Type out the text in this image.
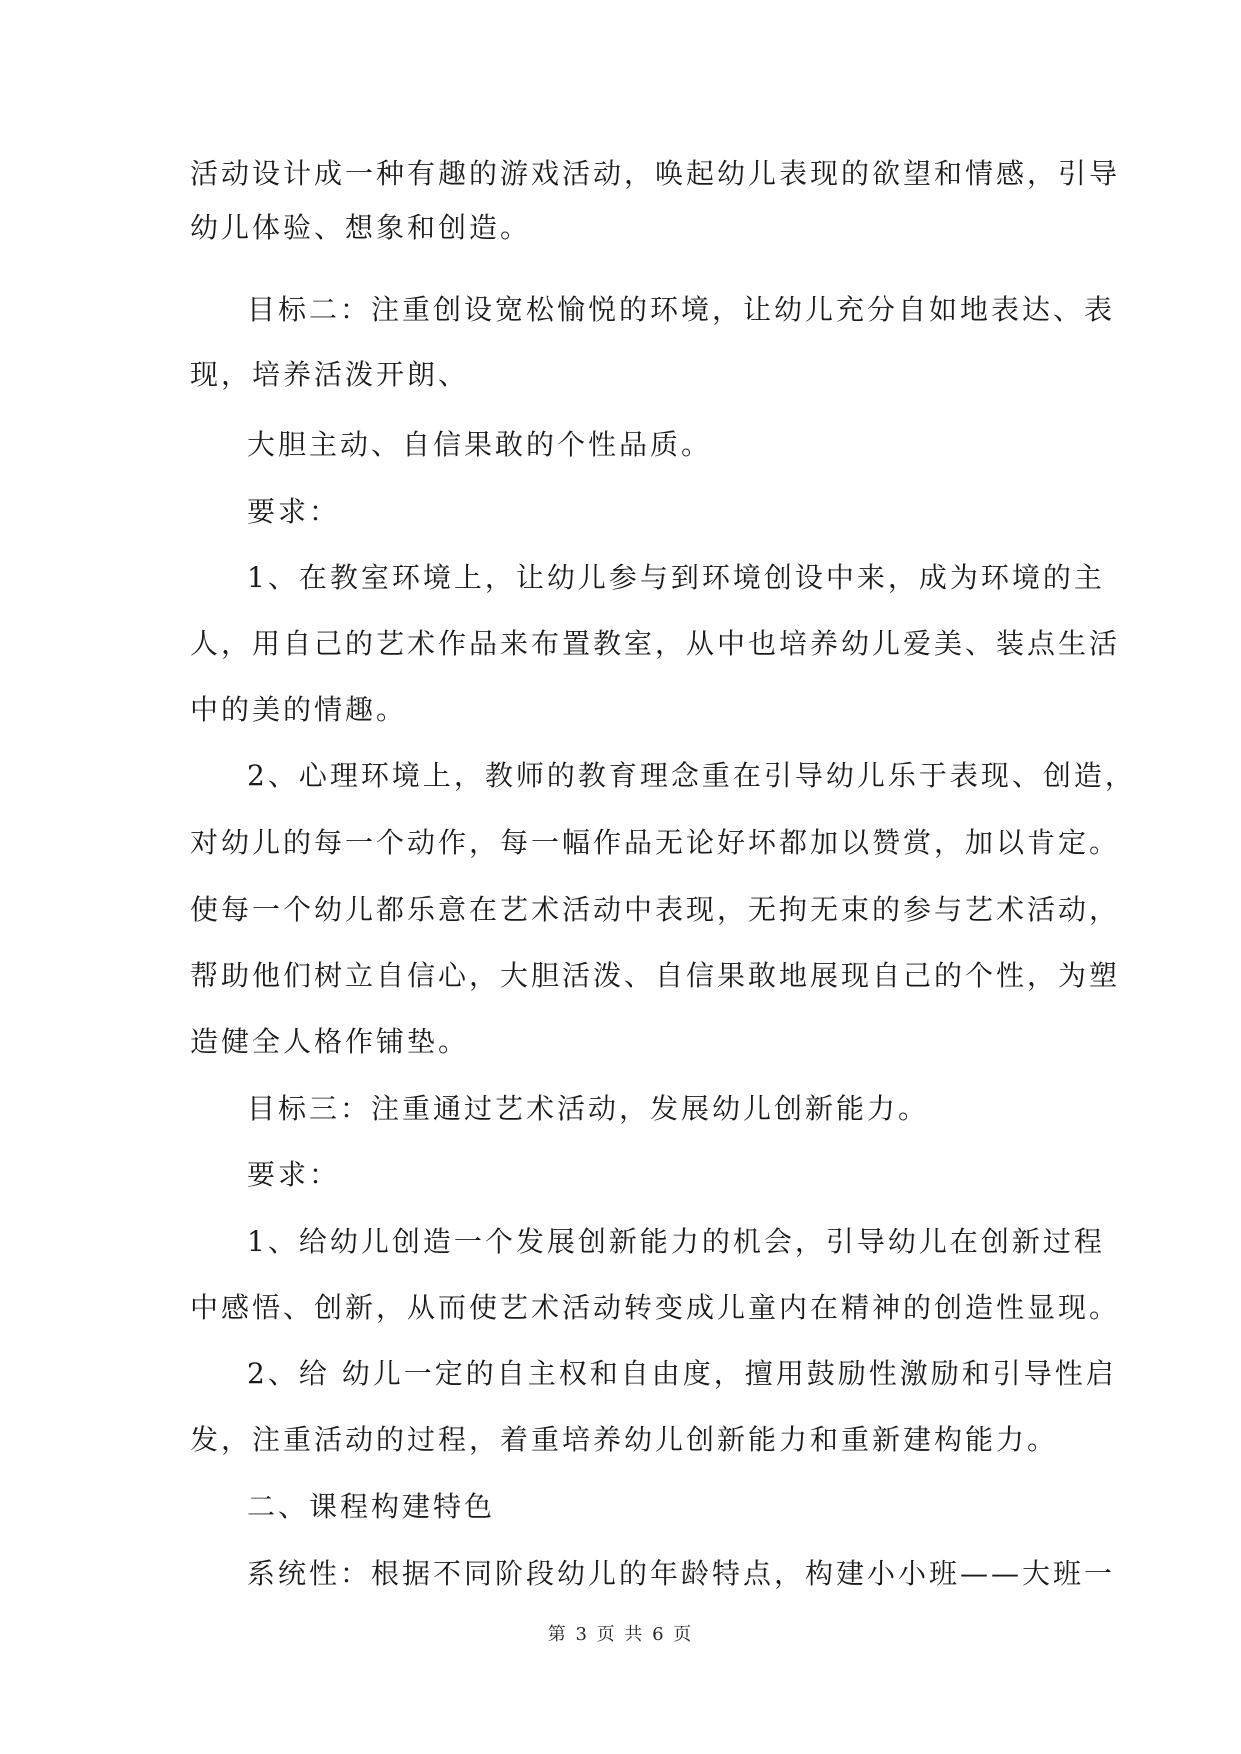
活动设计成一种有趣的游戏活动，唤起幼儿表现的欲望和情感，引导
幼儿体验、想象和创造。
目标二：注重创设宽松愉悦的环境，让幼儿充分自如地表达、表
现，培养活泼开朗、
大胆主动、自信果敢的个性品质。
要求：
1、在教室环境上，让幼儿参与到环境创设中来，成为环境的主
人，用自己的艺术作品来布置教室，从中也培养幼儿爱美、装点生活
中的美的情趣。
2、心理环境上，教师的教育理念重在引导幼儿乐于表现、创造，
对幼儿的每一个动作，每一幅作品无论好坏都加以赞赏，加以肯定。
使每一个幼儿都乐意在艺术活动中表现，无拘无束的参与艺术活动，
帮助他们树立自信心，大胆活泼、自信果敢地展现自己的个性，为塑
造健全人格作铺垫。
目标三：注重通过艺术活动，发展幼儿创新能力。
要求：
1、给幼儿创造一个发展创新能力的机会，引导幼儿在创新过程
中感悟、创新，从而使艺术活动转变成儿童内在精神的创造性显现。
2、给 幼儿一定的自主权和自由度，擅用鼓励性激励和引导性启
发，注重活动的过程，着重培养幼儿创新能力和重新建构能力。
二、课程构建特色
系统性：根据不同阶段幼儿的年龄特点，构建小小班——大班一
第 3 页 共 6 页
